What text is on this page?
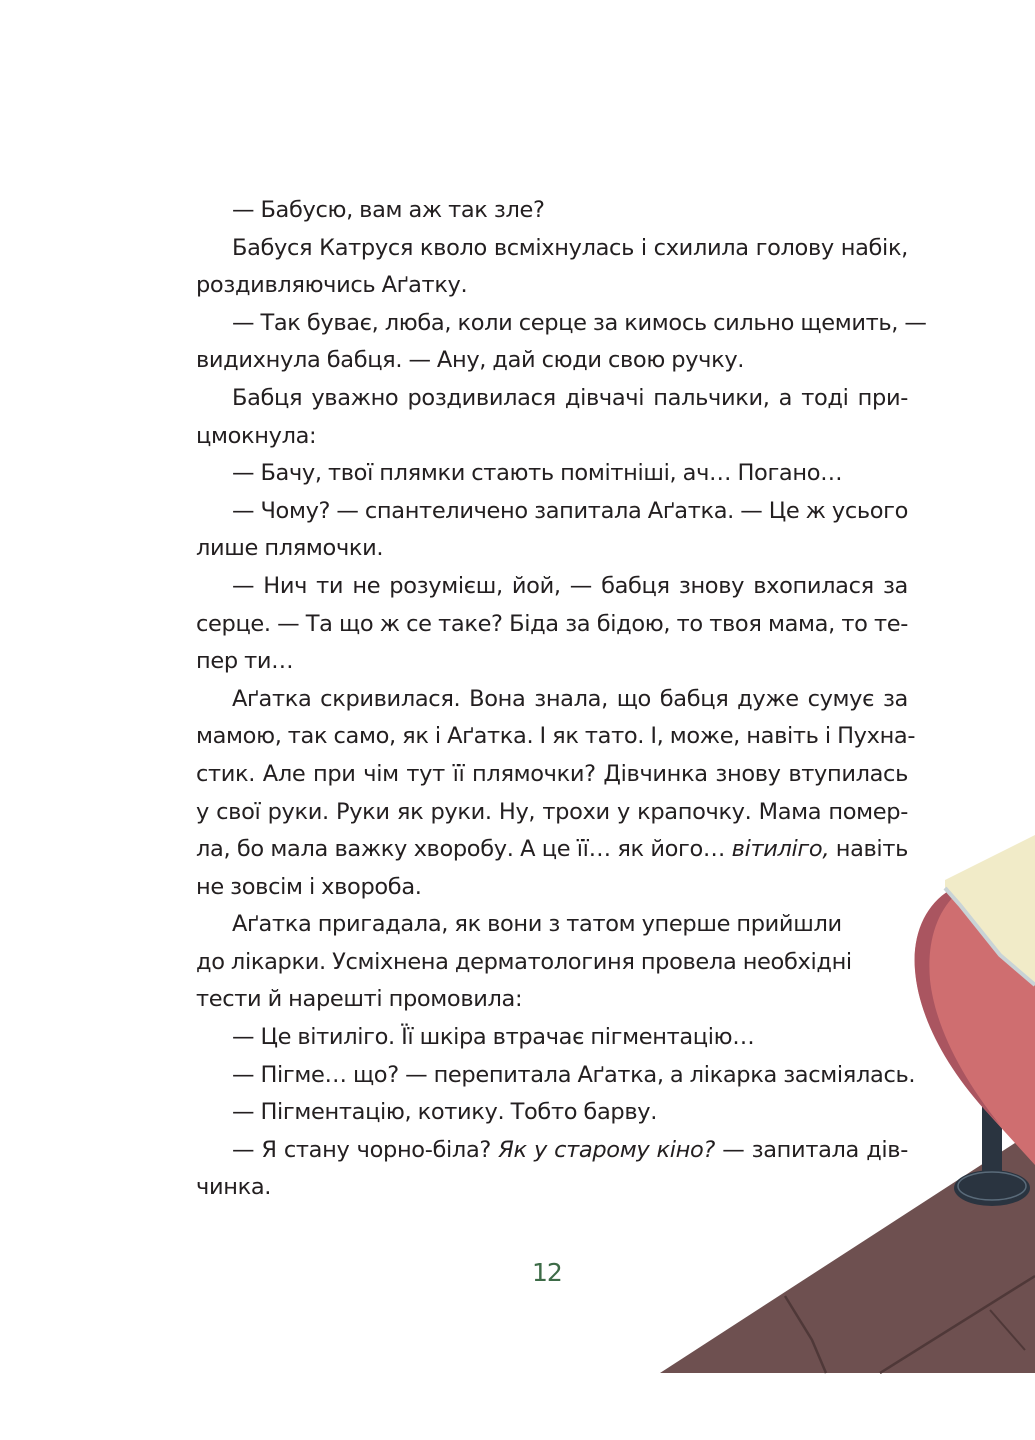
— Бабусю, вам аж так зле?
Бабуся Катруся кволо всміхнулась і схилила голову набік,
роздивляючись Аґатку.
— Так буває, люба, коли серце за кимось сильно щемить, —
видихнула бабця. — Ану, дай сюди свою ручку.
Бабця уважно роздивилася дівчачі пальчики, а тоді при-
цмокнула:
— Бачу, твої плямки стають помітніші, ач… Погано…
— Чому? — спантеличено запитала Аґатка. — Це ж усього
лише плямочки.
— Нич ти не розумієш, йой, — бабця знову вхопилася за
серце. — Та що ж се таке? Біда за бідою, то твоя мама, то те-
пер ти…
Аґатка скривилася. Вона знала, що бабця дуже сумує за
мамою, так само, як і Аґатка. І як тато. І, може, навіть і Пухна-
стик. Але при чім тут її плямочки? Дівчинка знову втупилась
у свої руки. Руки як руки. Ну, трохи у крапочку. Мама помер-
ла, бо мала важку хворобу. А це її… як його… вітиліго, навіть
не зовсім і хвороба.
Аґатка пригадала, як вони з татом уперше прийшли
до лікарки. Усміхнена дерматологиня провела необхідні
тести й нарешті промовила:
— Це вітиліго. Її шкіра втрачає пігментацію…
— Пігме… що? — перепитала Аґатка, а лікарка засміялась.
— Пігментацію, котику. Тобто барву.
— Я стану чорно-біла? Як у старому кіно? — запитала дів-
чинка.
12
